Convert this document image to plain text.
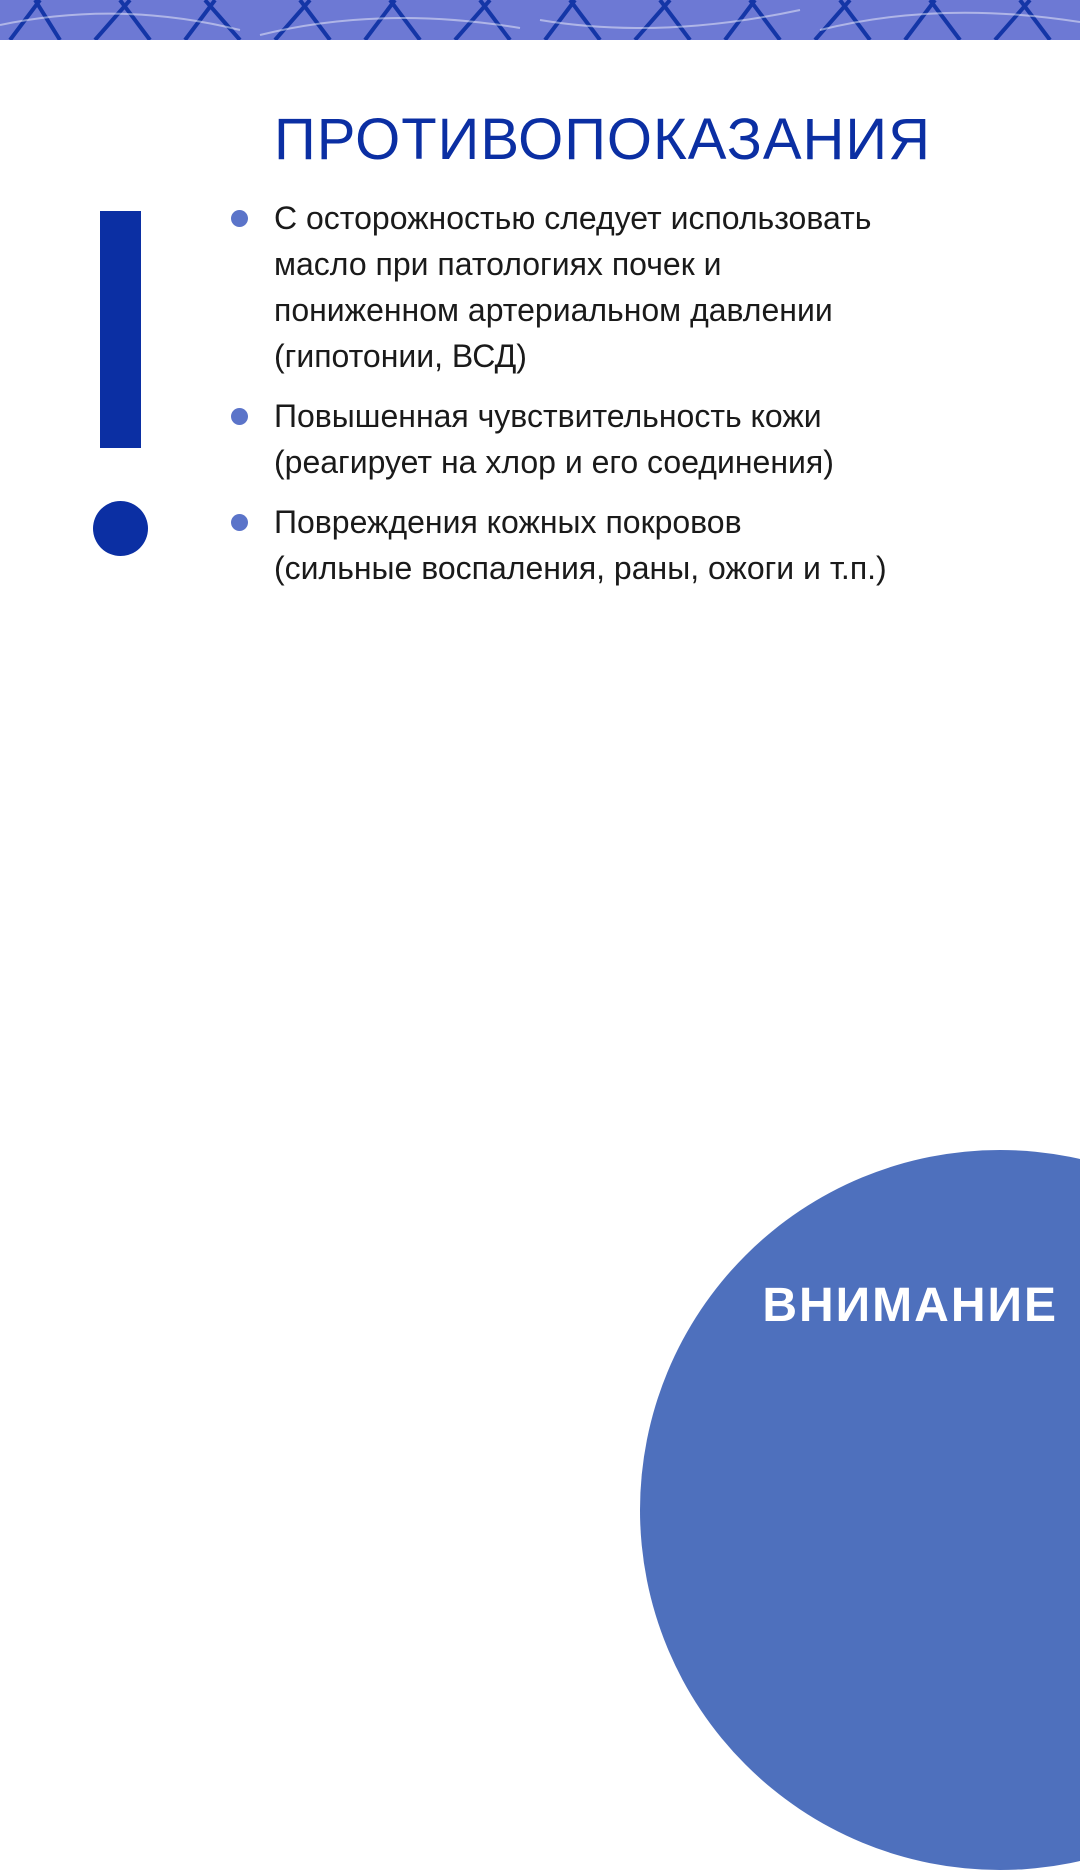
ПРОТИВОПОКАЗАНИЯ
С осторожностью следует использовать
масло при патологиях почек и
пониженном артериальном давлении
(гипотонии, ВСД)
Повышенная чувствительность кожи
(реагирует на хлор и его соединения)
Повреждения кожных покровов
(сильные воспаления, раны, ожоги и т.п.)
ВНИМАНИЕ
